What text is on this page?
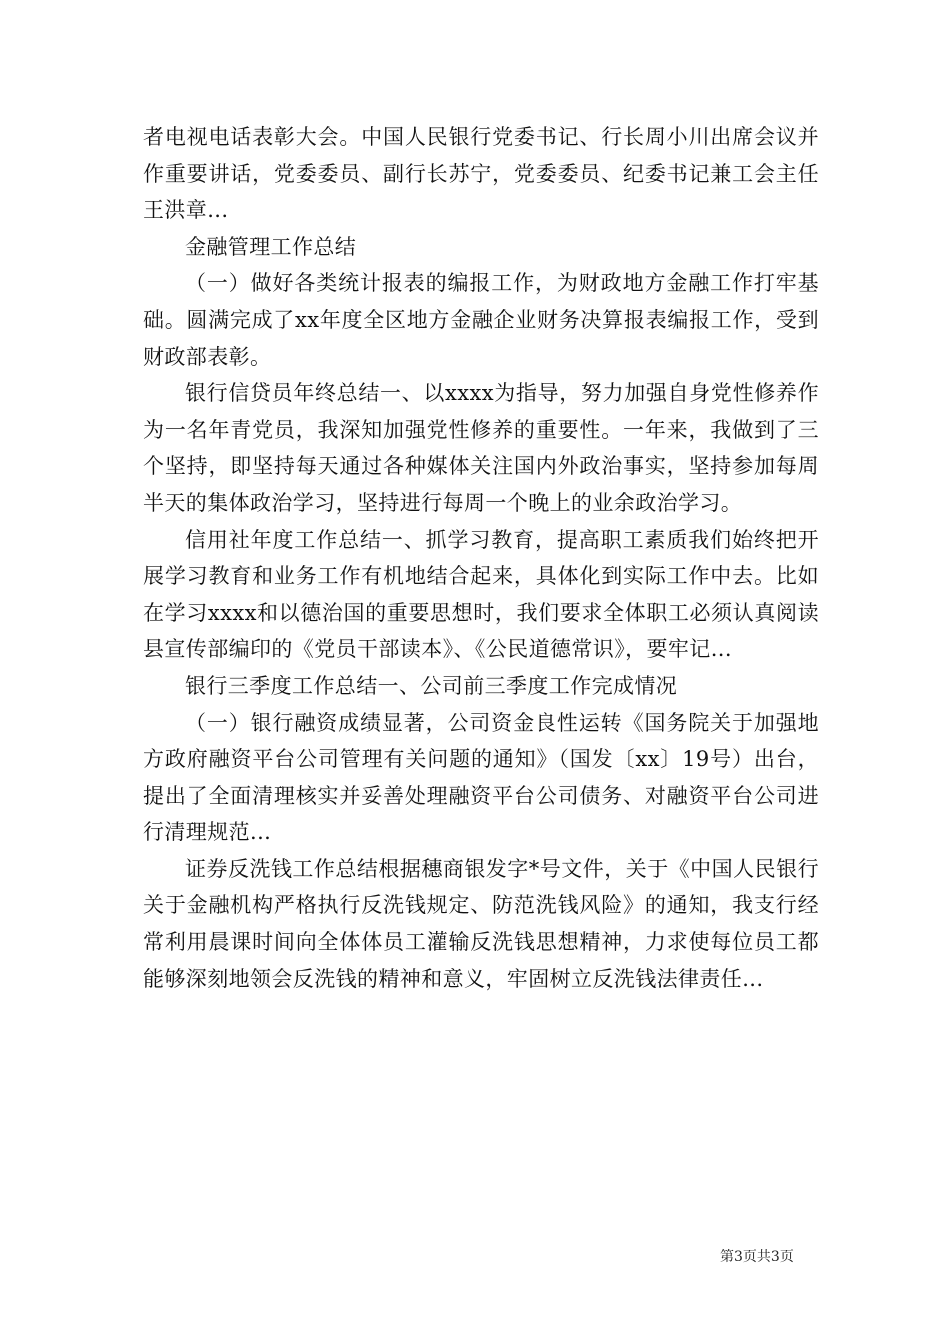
者电视电话表彰大会。中国人民银行党委书记、行长周小川出席会议并作重要讲话，党委委员、副行长苏宁，党委委员、纪委书记兼工会主任王洪章...

金融管理工作总结

（一）做好各类统计报表的编报工作，为财政地方金融工作打牢基础。圆满完成了xx年度全区地方金融企业财务决算报表编报工作，受到财政部表彰。

银行信贷员年终总结一、以xxxx为指导，努力加强自身党性修养作为一名年青党员，我深知加强党性修养的重要性。一年来，我做到了三个坚持，即坚持每天通过各种媒体关注国内外政治事实，坚持参加每周半天的集体政治学习，坚持进行每周一个晚上的业余政治学习。

信用社年度工作总结一、抓学习教育，提高职工素质我们始终把开展学习教育和业务工作有机地结合起来，具体化到实际工作中去。比如在学习xxxx和以德治国的重要思想时，我们要求全体职工必须认真阅读县宣传部编印的《党员干部读本》、《公民道德常识》，要牢记...

银行三季度工作总结一、公司前三季度工作完成情况

（一）银行融资成绩显著，公司资金良性运转《国务院关于加强地方政府融资平台公司管理有关问题的通知》（国发〔xx〕19号）出台，提出了全面清理核实并妥善处理融资平台公司债务、对融资平台公司进行清理规范...

证券反洗钱工作总结根据穗商银发字*号文件，关于《中国人民银行关于金融机构严格执行反洗钱规定、防范洗钱风险》的通知，我支行经常利用晨课时间向全体体员工灌输反洗钱思想精神，力求使每位员工都能够深刻地领会反洗钱的精神和意义，牢固树立反洗钱法律责任...

第3页共3页
